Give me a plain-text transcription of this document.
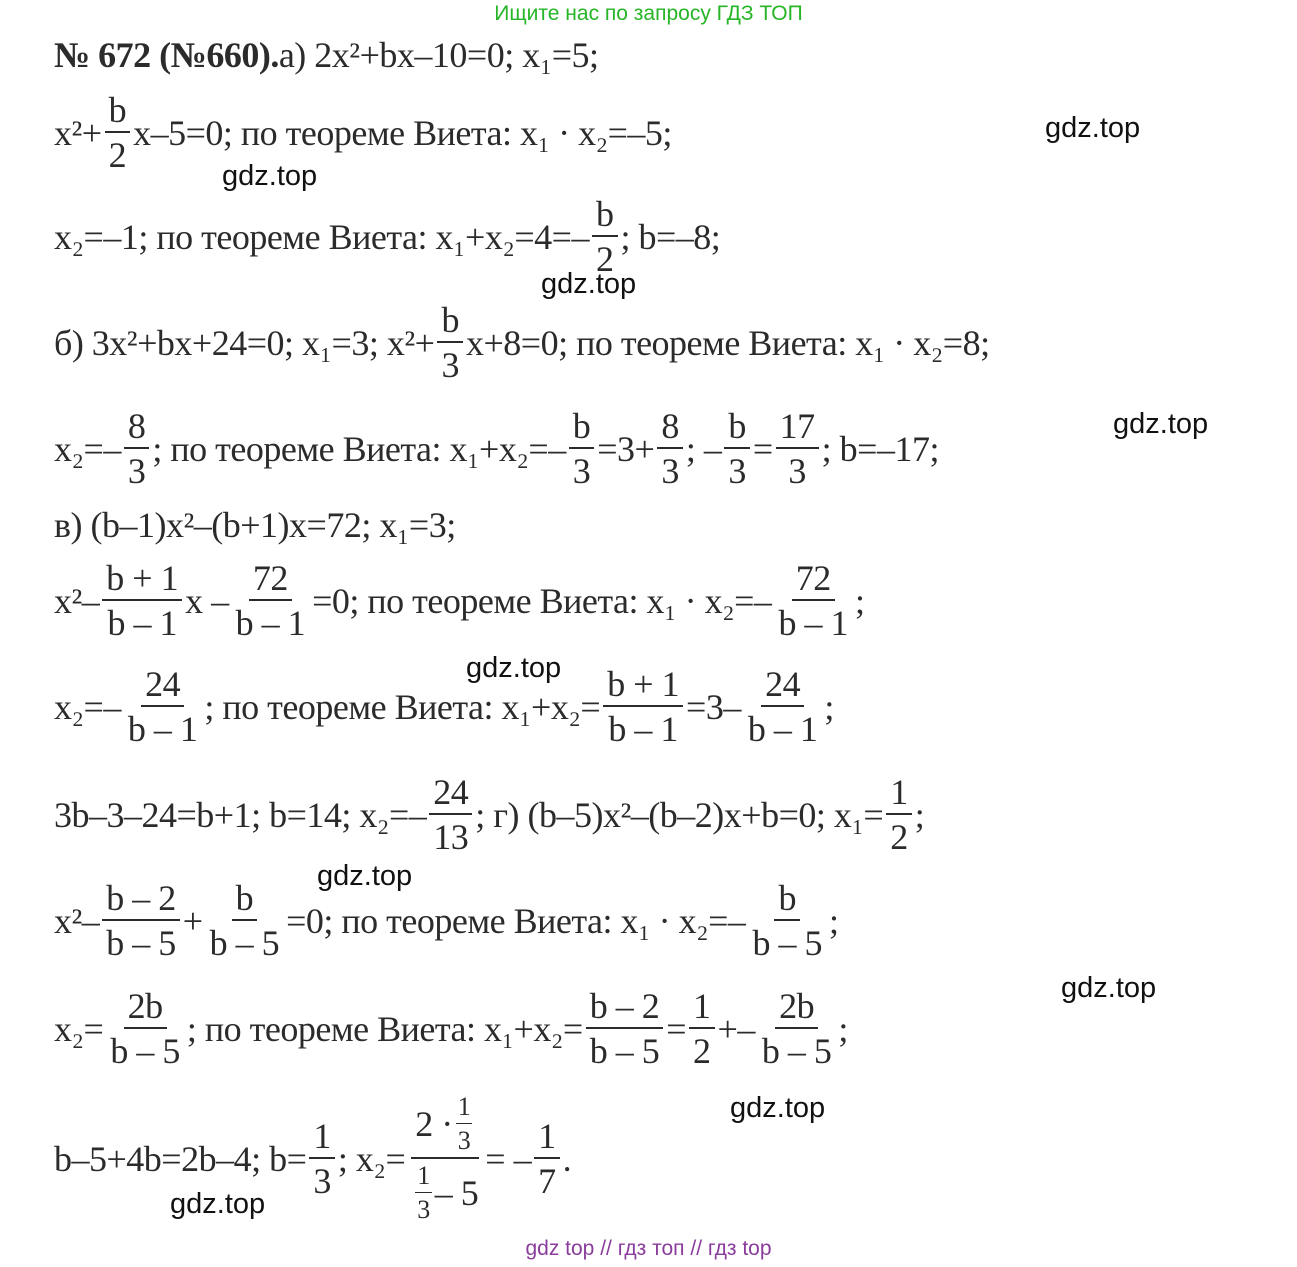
Ищите нас по запросу ГДЗ ТОП
№ 672 (№660). а) 2x²+bx–10=0; x₁=5;
$x^2+ \frac{b}{2} x-5=0$; по теореме Виета: x₁ · x₂=–5;
x₂=–1; по теореме Виета: $x_1+x_2=4=- \frac{b}{2}$ ; b=–8;
б) 3x²+bx+24=0; x₁=3; $x^2+ \frac{b}{3} x+8=0$; по теореме Виета: x₁ · x₂=8;
$x_2=- \frac{8}{3}$ ; по теореме Виета: $x_1+x_2=- \frac{b}{3} =3+ \frac{8}{3}$ ; – $\frac{b}{3} = \frac{17}{3}$ ; b=–17;
в) (b–1)x²–(b+1)x=72; x₁=3;
$x^2- \frac{b + 1}{b - 1}$ $x - \frac{72}{b - 1} =0$; по теореме Виета: $x_1 \cdot x_2=- \frac{72}{b - 1}$ ;
$x_2=- \frac{24}{b - 1}$ ; по теореме Виета: $x_1+x_2= \frac{b + 1}{b - 1} =3- \frac{24}{b - 1}$ ;
3b–3–24=b+1; b=14; $x_2=- \frac{24}{13}$ ; г) (b–5)x²–(b–2)x+b=0; $x_1= \frac{1}{2}$ ;
$x^2- \frac{b - 2}{b - 5} + \frac{b}{b - 5} =0$; по теореме Виета: $x_1 \cdot x_2=- \frac{b}{b - 5}$ ;
$x_2= \frac{2b}{b - 5}$ ; по теореме Виета: $x_1+x_2= \frac{b - 2}{b - 5} = \frac{1}{2} +- \frac{2b}{b - 5}$ ;
b–5+4b=2b–4; $b= \frac{1}{3}$ ; $x_2= \frac{2 \cdot \frac{1}{3}}{\frac{1}{3} - 5}$ = – $\frac{1}{7}$ .
gdz.top
gdz.top
gdz.top
gdz.top
gdz.top
gdz.top
gdz.top
gdz.top
gdz.top
gdz top // гдз топ // гдз top
